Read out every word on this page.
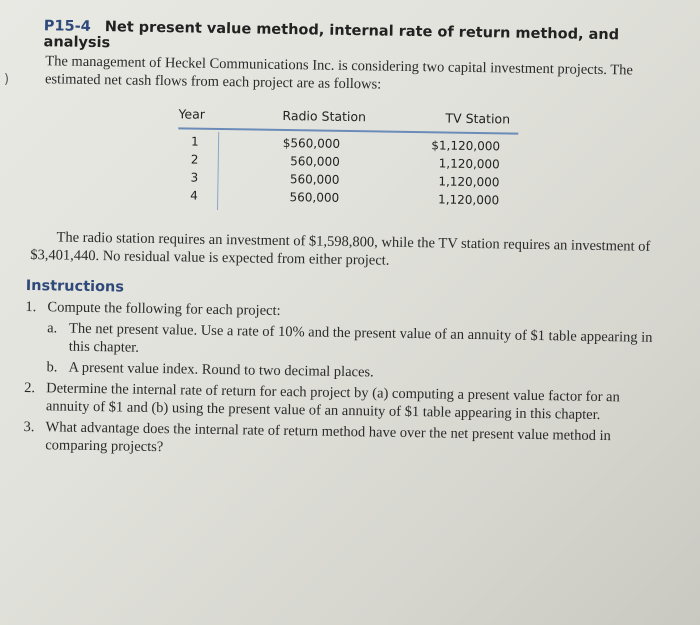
)
P15-4 Net present value method, internal rate of return method, and analysis
The management of Heckel Communications Inc. is considering two capital investment projects. The estimated net cash flows from each project are as follows:
Year	Radio Station	TV Station
1	$560,000	$1,120,000
2	560,000	1,120,000
3	560,000	1,120,000
4	560,000	1,120,000
The radio station requires an investment of $1,598,800, while the TV station requires an investment of $3,401,440. No residual value is expected from either project.
Instructions
1. Compute the following for each project:
a. The net present value. Use a rate of 10% and the present value of an annuity of $1 table appearing in this chapter.
b. A present value index. Round to two decimal places.
2. Determine the internal rate of return for each project by (a) computing a present value factor for an annuity of $1 and (b) using the present value of an annuity of $1 table appearing in this chapter.
3. What advantage does the internal rate of return method have over the net present value method in comparing projects?
